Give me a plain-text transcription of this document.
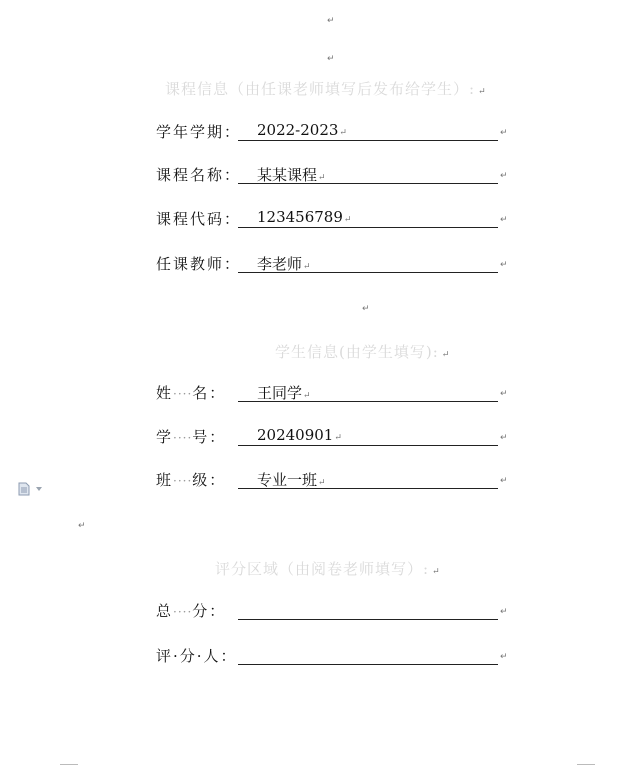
↵
↵
课程信息（由任课老师填写后发布给学生）: ↵
学年学期： 2022-2023↵	↵
课程名称： 某某课程↵	↵
课程代码： 123456789↵	↵
任课教师： 李老师↵	↵
↵
学生信息(由学生填写): ↵
姓····名： 王同学↵	↵
学····号： 20240901↵	↵
班····级： 专业一班↵	↵
↵
评分区域（由阅卷老师填写）: ↵
总····分：	↵
评·分·人：	↵
